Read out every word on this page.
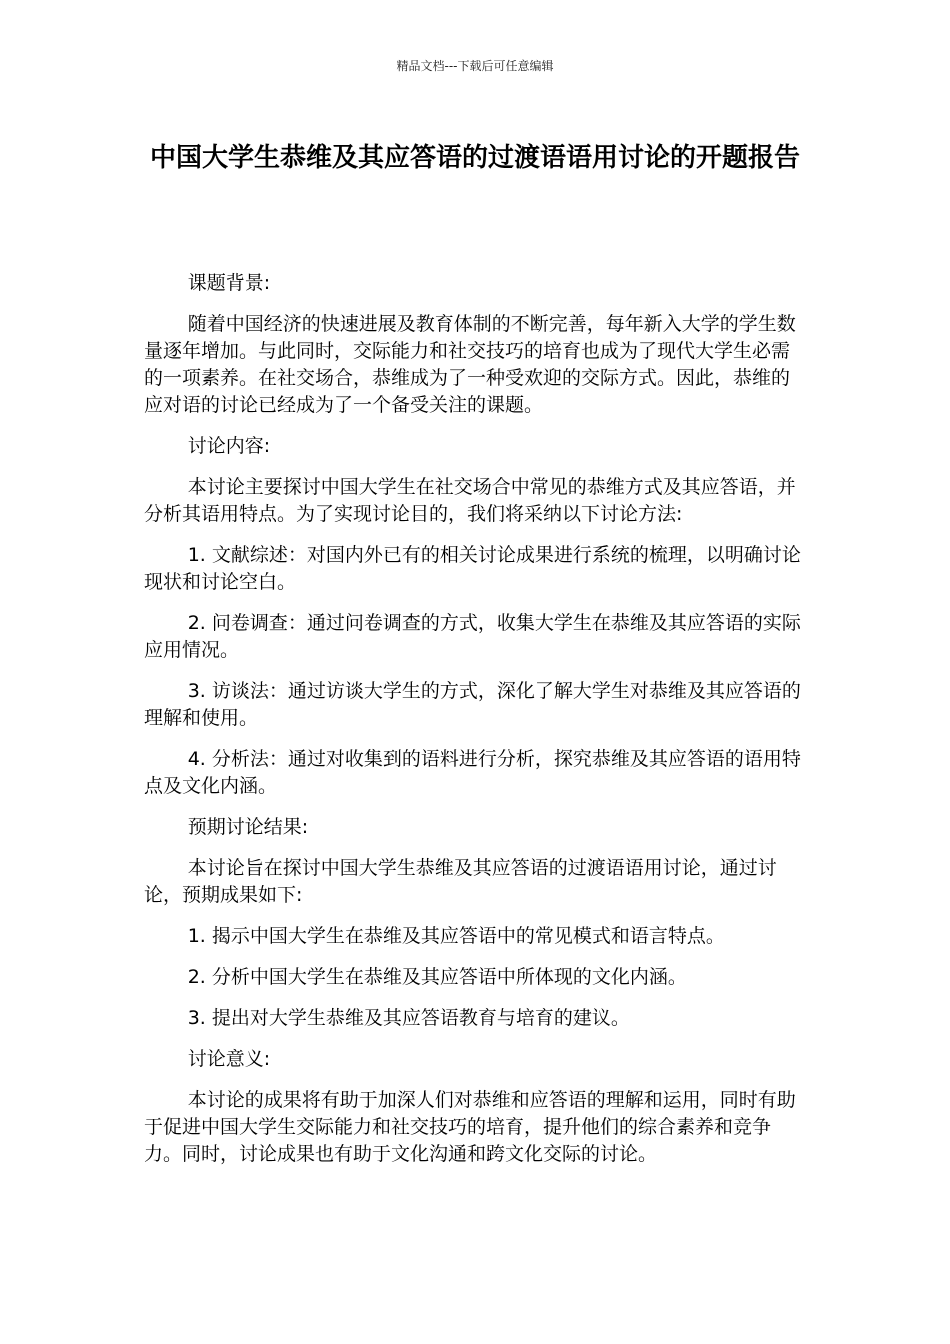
精品文档---下载后可任意编辑
中国大学生恭维及其应答语的过渡语语用讨论的开题报告

课题背景:

随着中国经济的快速进展及教育体制的不断完善，每年新入大学的学生数量逐年增加。与此同时，交际能力和社交技巧的培育也成为了现代大学生必需的一项素养。在社交场合，恭维成为了一种受欢迎的交际方式。因此，恭维的应对语的讨论已经成为了一个备受关注的课题。

讨论内容:

本讨论主要探讨中国大学生在社交场合中常见的恭维方式及其应答语，并分析其语用特点。为了实现讨论目的，我们将采纳以下讨论方法:

1. 文献综述：对国内外已有的相关讨论成果进行系统的梳理，以明确讨论现状和讨论空白。

2. 问卷调查：通过问卷调查的方式，收集大学生在恭维及其应答语的实际应用情况。

3. 访谈法：通过访谈大学生的方式，深化了解大学生对恭维及其应答语的理解和使用。

4. 分析法：通过对收集到的语料进行分析，探究恭维及其应答语的语用特点及文化内涵。

预期讨论结果:

本讨论旨在探讨中国大学生恭维及其应答语的过渡语语用讨论，通过讨论，预期成果如下:

1. 揭示中国大学生在恭维及其应答语中的常见模式和语言特点。

2. 分析中国大学生在恭维及其应答语中所体现的文化内涵。

3. 提出对大学生恭维及其应答语教育与培育的建议。

讨论意义:

本讨论的成果将有助于加深人们对恭维和应答语的理解和运用，同时有助于促进中国大学生交际能力和社交技巧的培育，提升他们的综合素养和竞争力。同时，讨论成果也有助于文化沟通和跨文化交际的讨论。
